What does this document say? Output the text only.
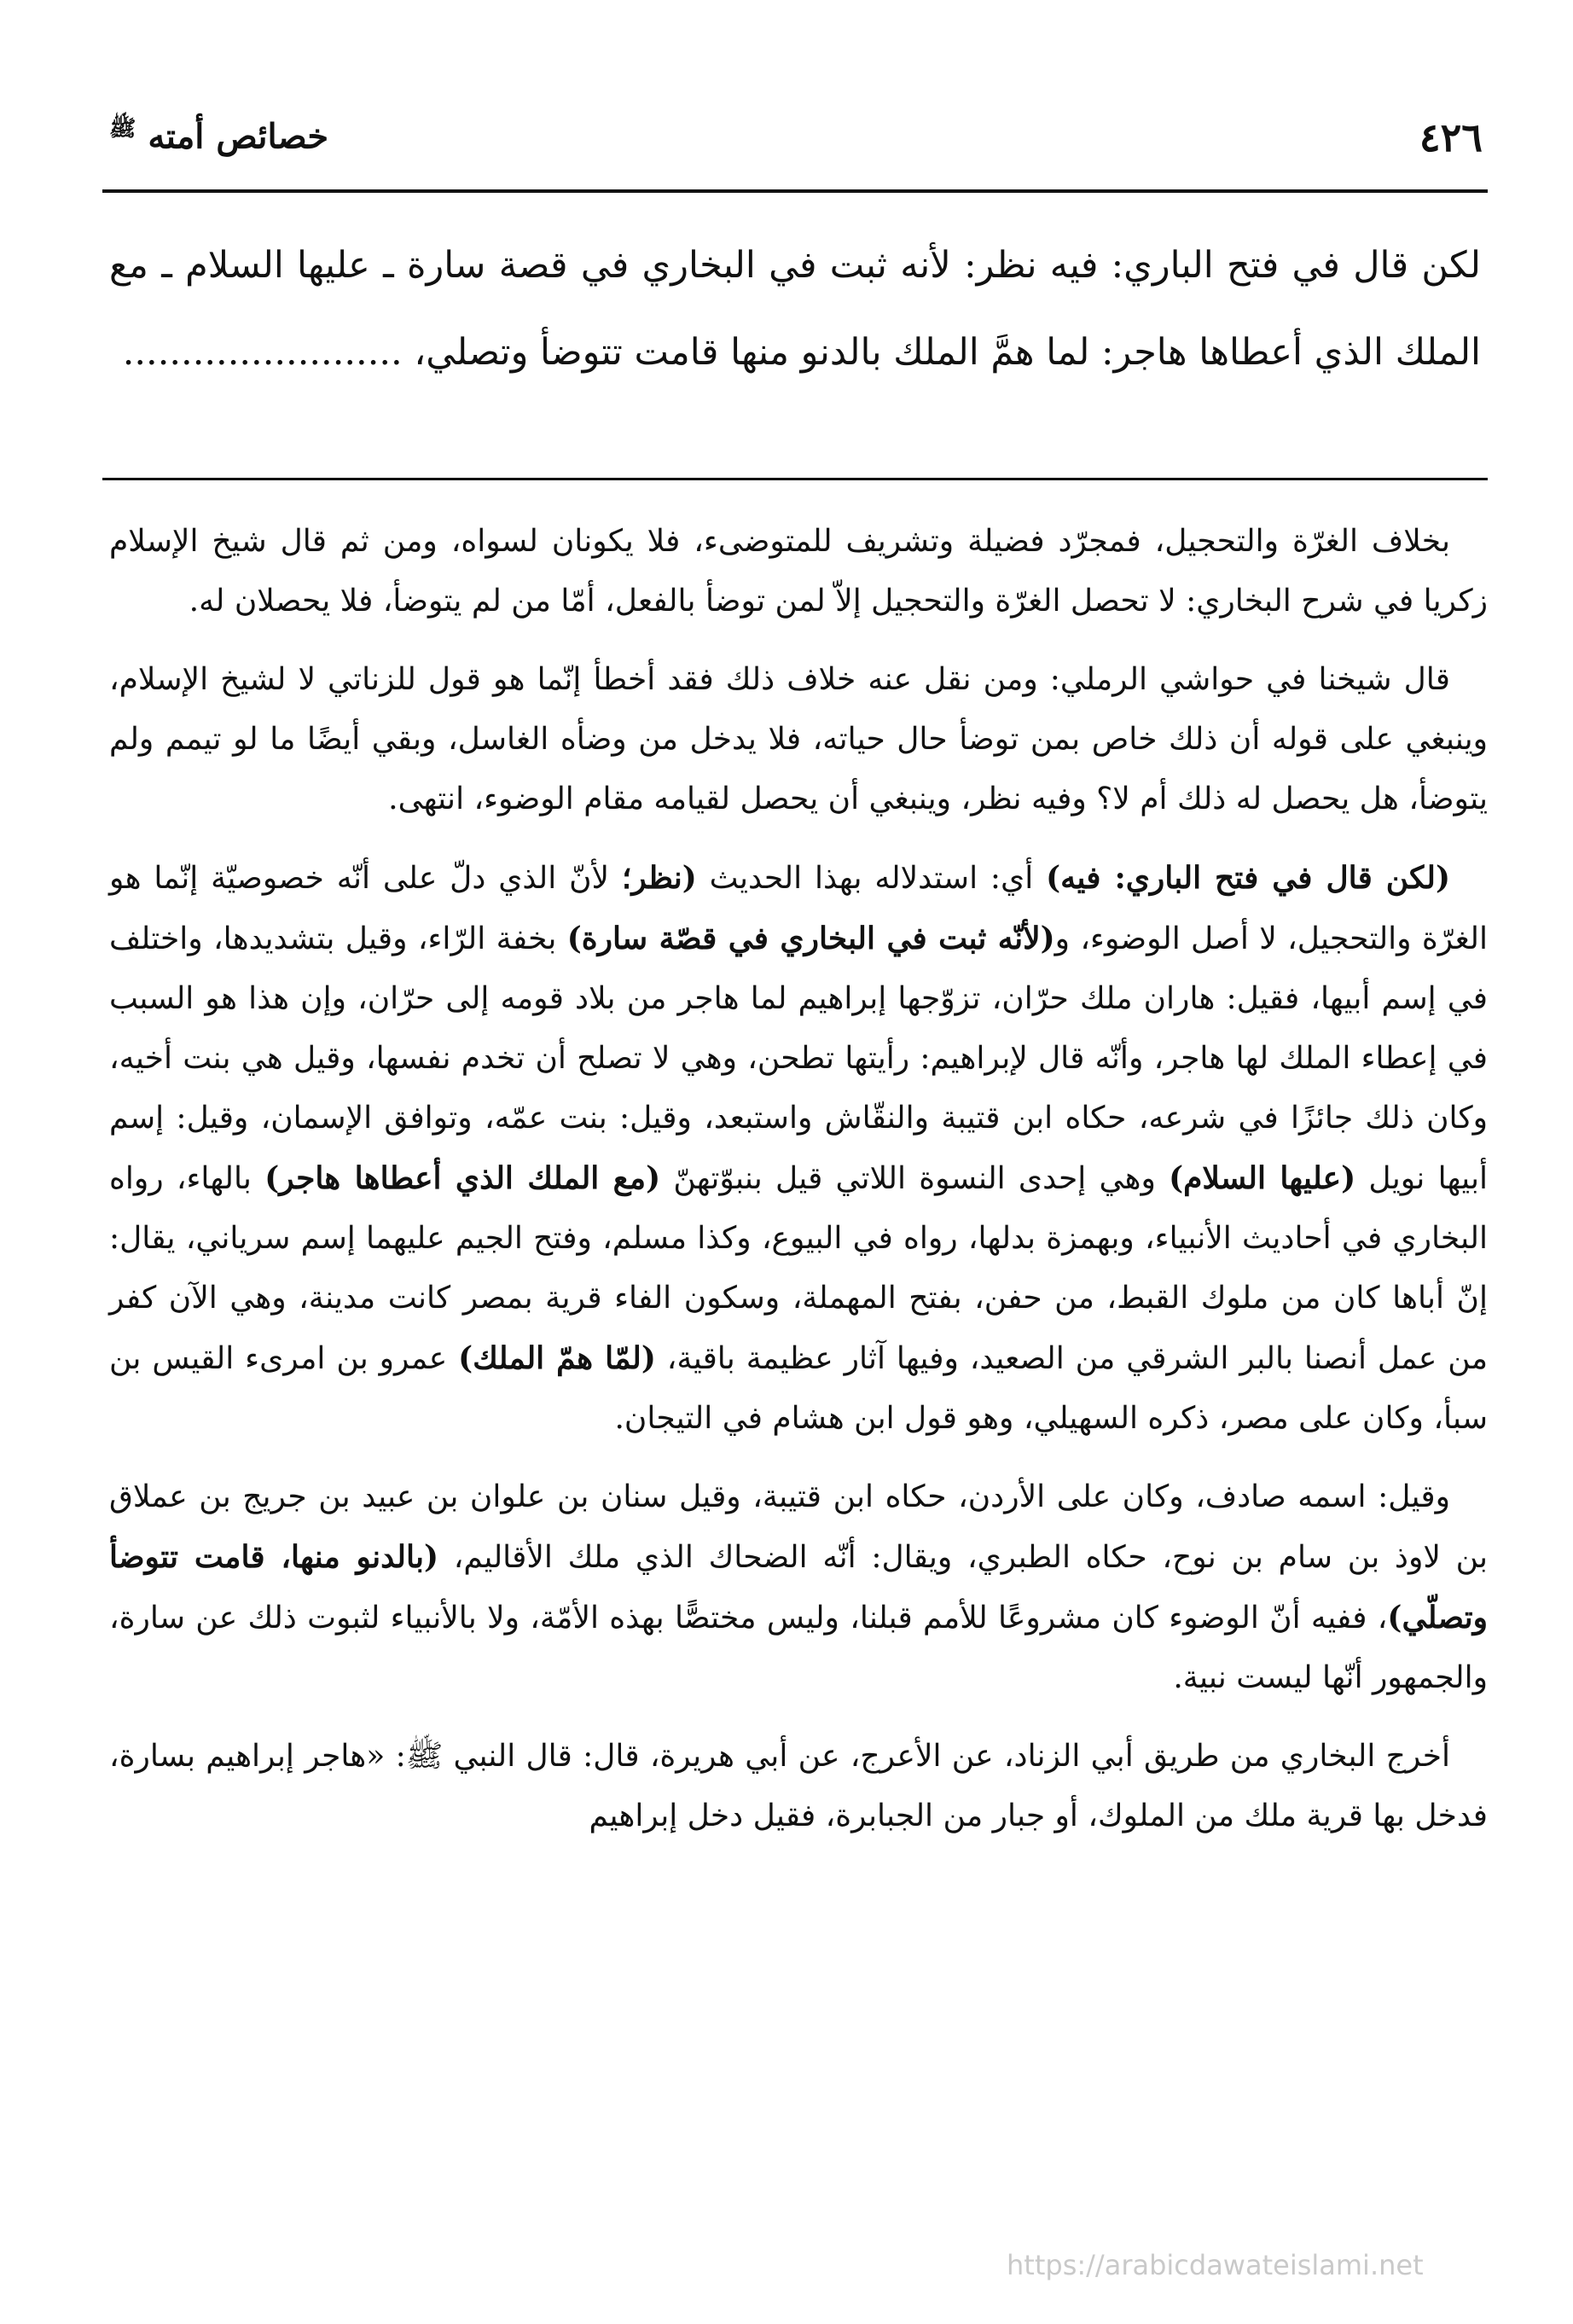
٤٢٦
خصائص أمته $^ﷺ$
لكن قال في فتح الباري: فيه نظر: لأنه ثبت في البخاري في قصة سارة ـ عليها السلام ـ مع الملك الذي أعطاها هاجر: لما همَّ الملك بالدنو منها قامت تتوضأ وتصلي، ........................

بخلاف الغرّة والتحجيل، فمجرّد فضيلة وتشريف للمتوضىء، فلا يكونان لسواه، ومن ثم قال شيخ الإسلام زكريا في شرح البخاري: لا تحصل الغرّة والتحجيل إلاّ لمن توضأ بالفعل، أمّا من لم يتوضأ، فلا يحصلان له.

قال شيخنا في حواشي الرملي: ومن نقل عنه خلاف ذلك فقد أخطأ إنّما هو قول للزناتي لا لشيخ الإسلام، وينبغي على قوله أن ذلك خاص بمن توضأ حال حياته، فلا يدخل من وضأه الغاسل، وبقي أيضًا ما لو تيمم ولم يتوضأ، هل يحصل له ذلك أم لا؟ وفيه نظر، وينبغي أن يحصل لقيامه مقام الوضوء، انتهى.

(لكن قال في فتح الباري: فيه) أي: استدلاله بهذا الحديث (نظر؛ لأنّ الذي دلّ على أنّه خصوصيّة إنّما هو الغرّة والتحجيل، لا أصل الوضوء، و(لأنّه ثبت في البخاري في قصّة سارة) بخفة الرّاء، وقيل بتشديدها، واختلف في إسم أبيها، فقيل: هاران ملك حرّان، تزوّجها إبراهيم لما هاجر من بلاد قومه إلى حرّان، وإن هذا هو السبب في إعطاء الملك لها هاجر، وأنّه قال لإبراهيم: رأيتها تطحن، وهي لا تصلح أن تخدم نفسها، وقيل هي بنت أخيه، وكان ذلك جائزًا في شرعه، حكاه ابن قتيبة والنقّاش واستبعد، وقيل: بنت عمّه، وتوافق الإسمان، وقيل: إسم أبيها نويل (عليها السلام) وهي إحدى النسوة اللاتي قيل بنبوّتهنّ (مع الملك الذي أعطاها هاجر) بالهاء، رواه البخاري في أحاديث الأنبياء، وبهمزة بدلها، رواه في البيوع، وكذا مسلم، وفتح الجيم عليهما إسم سرياني، يقال: إنّ أباها كان من ملوك القبط، من حفن، بفتح المهملة، وسكون الفاء قرية بمصر كانت مدينة، وهي الآن كفر من عمل أنصنا بالبر الشرقي من الصعيد، وفيها آثار عظيمة باقية، (لمّا همّ الملك) عمرو بن امرىء القيس بن سبأ، وكان على مصر، ذكره السهيلي، وهو قول ابن هشام في التيجان.

وقيل: اسمه صادف، وكان على الأردن، حكاه ابن قتيبة، وقيل سنان بن علوان بن عبيد بن جريج بن عملاق بن لاوذ بن سام بن نوح، حكاه الطبري، ويقال: أنّه الضحاك الذي ملك الأقاليم، (بالدنو منها، قامت تتوضأ وتصلّي)، ففيه أنّ الوضوء كان مشروعًا للأمم قبلنا، وليس مختصًّا بهذه الأمّة، ولا بالأنبياء لثبوت ذلك عن سارة، والجمهور أنّها ليست نبية.

أخرج البخاري من طريق أبي الزناد، عن الأعرج، عن أبي هريرة، قال: قال النبي ﷺ: «هاجر إبراهيم بسارة، فدخل بها قرية ملك من الملوك، أو جبار من الجبابرة، فقيل دخل إبراهيم

https://arabicdawateislami.net
